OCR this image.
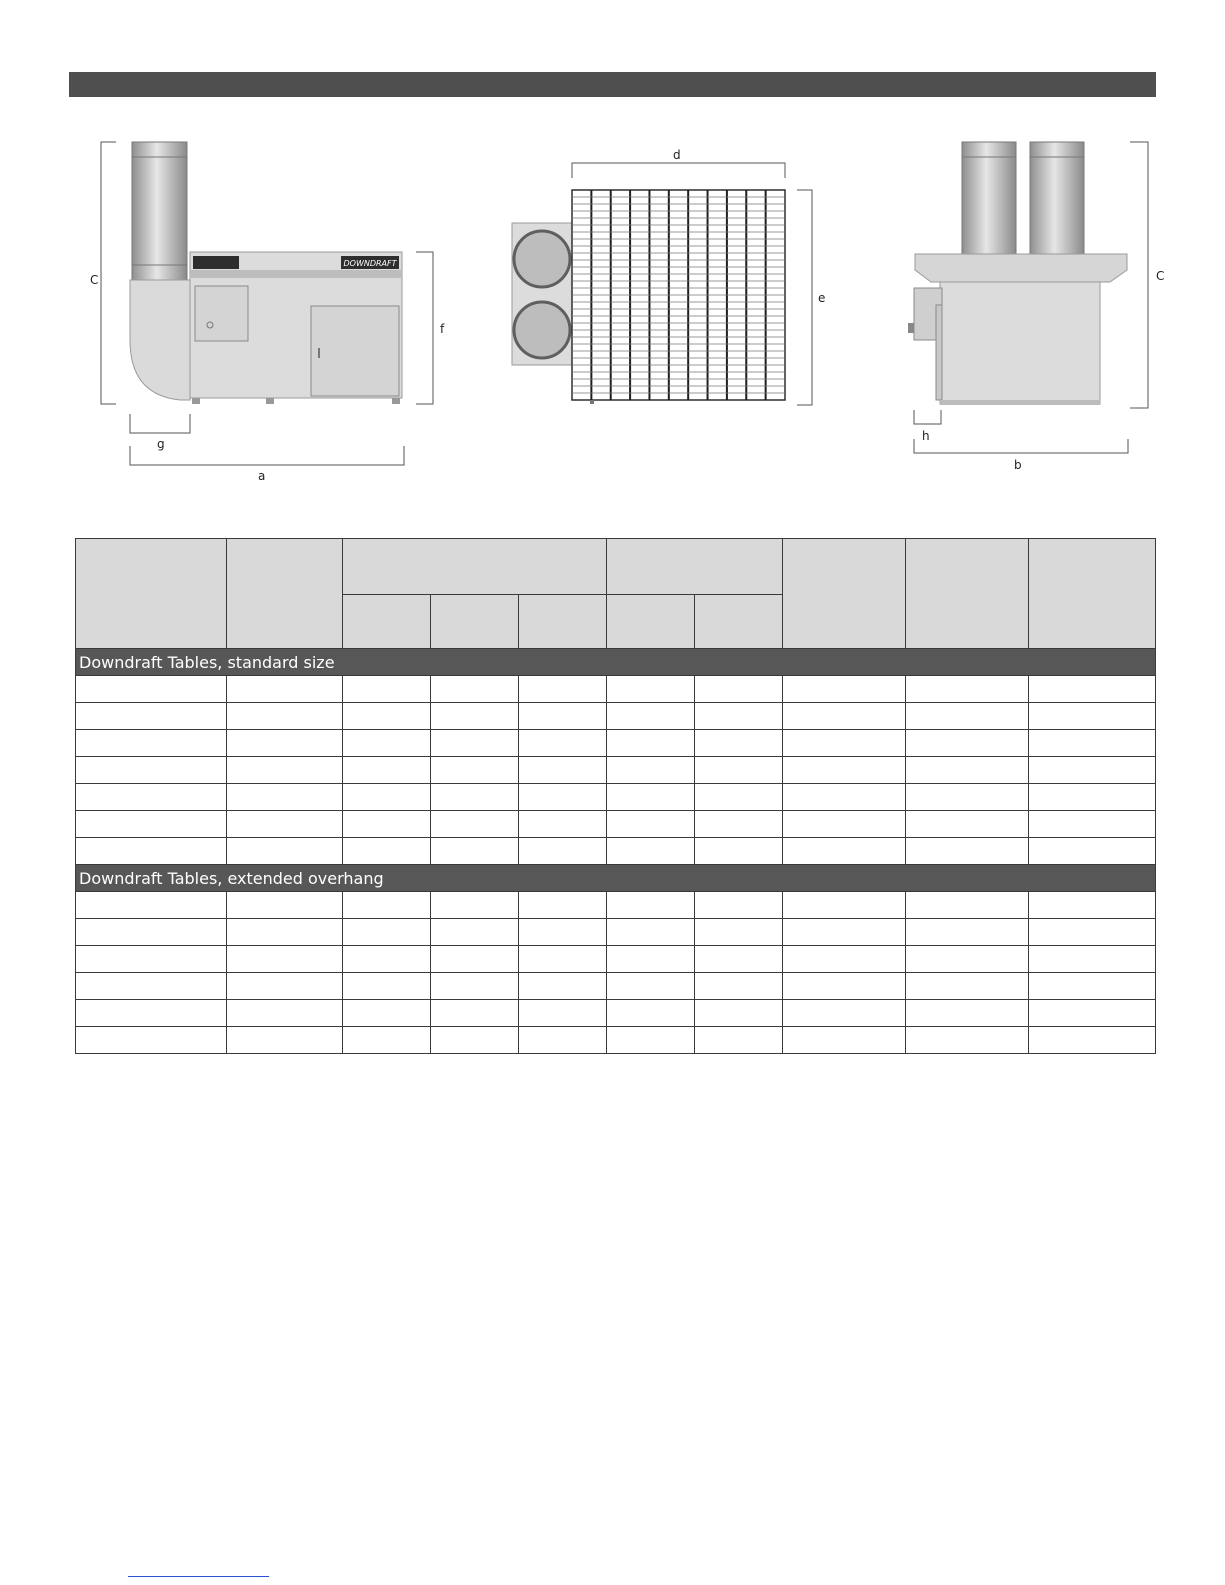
DOWNDRAFT
C
f
g
a
d
e
C
h
b

Downdraft Tables, standard size									

Downdraft Tables, extended overhang									
